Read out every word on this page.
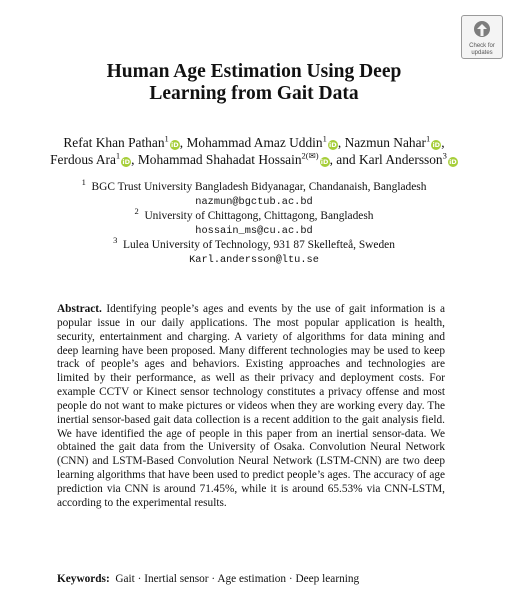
Check for
updates
Human Age Estimation Using Deep
Learning from Gait Data
Refat Khan Pathan$^1$iD, Mohammad Amaz Uddin$^1$iD, Nazmun Nahar$^1$iD,
Ferdous Ara$^1$iD, Mohammad Shahadat Hossain$^{2(✉)}$iD, and Karl Andersson$^3$iD
$^1$ BGC Trust University Bangladesh Bidyanagar, Chandanaish, Bangladesh
nazmun@bgctub.ac.bd
$^2$ University of Chittagong, Chittagong, Bangladesh
hossain_ms@cu.ac.bd
$^3$ Lulea University of Technology, 931 87 Skellefteå, Sweden
Karl.andersson@ltu.se
Abstract. Identifying people’s ages and events by the use of gait information is a popular issue in our daily applications. The most popular application is health, security, entertainment and charging. A variety of algorithms for data mining and deep learning have been proposed. Many different technologies may be used to keep track of people’s ages and behaviors. Existing approaches and technologies are limited by their performance, as well as their privacy and deployment costs. For example CCTV or Kinect sensor technology constitutes a privacy offense and most people do not want to make pictures or videos when they are working every day. The inertial sensor-based gait data collection is a recent addition to the gait analysis field. We have identified the age of people in this paper from an inertial sensor-data. We obtained the gait data from the University of Osaka. Convolution Neural Network (CNN) and LSTM-Based Convolution Neural Network (LSTM-CNN) are two deep learning algorithms that have been used to predict people’s ages. The accuracy of age prediction via CNN is around 71.45%, while it is around 65.53% via CNN-LSTM, according to the experimental results.
Keywords: Gait · Inertial sensor · Age estimation · Deep learning
